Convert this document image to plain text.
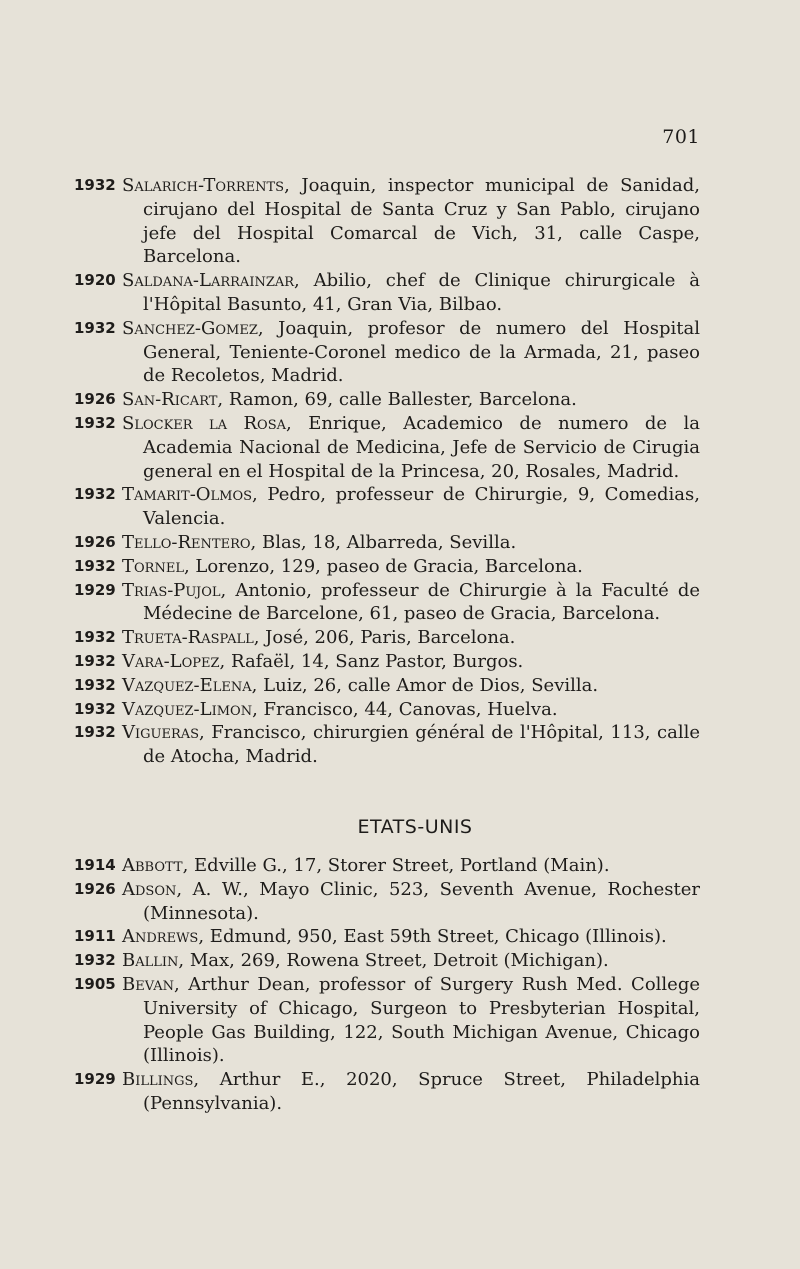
701
1932 Salarich-Torrents, Joaquin, inspector municipal de Sanidad, cirujano del Hospital de Santa Cruz y San Pablo, cirujano jefe del Hospital Comarcal de Vich, 31, calle Caspe, Barcelona.
1920 Saldana-Larrainzar, Abilio, chef de Clinique chirurgicale à l'Hôpital Basunto, 41, Gran Via, Bilbao.
1932 Sanchez-Gomez, Joaquin, profesor de numero del Hospital General, Teniente-Coronel medico de la Armada, 21, paseo de Recoletos, Madrid.
1926 San-Ricart, Ramon, 69, calle Ballester, Barcelona.
1932 Slocker la Rosa, Enrique, Academico de numero de la Academia Nacional de Medicina, Jefe de Servicio de Cirugia general en el Hospital de la Princesa, 20, Rosales, Madrid.
1932 Tamarit-Olmos, Pedro, professeur de Chirurgie, 9, Comedias, Valencia.
1926 Tello-Rentero, Blas, 18, Albarreda, Sevilla.
1932 Tornel, Lorenzo, 129, paseo de Gracia, Barcelona.
1929 Trias-Pujol, Antonio, professeur de Chirurgie à la Faculté de Médecine de Barcelone, 61, paseo de Gracia, Barcelona.
1932 Trueta-Raspall, José, 206, Paris, Barcelona.
1932 Vara-Lopez, Rafaël, 14, Sanz Pastor, Burgos.
1932 Vazquez-Elena, Luiz, 26, calle Amor de Dios, Sevilla.
1932 Vazquez-Limon, Francisco, 44, Canovas, Huelva.
1932 Vigueras, Francisco, chirurgien général de l'Hôpital, 113, calle de Atocha, Madrid.
ETATS-UNIS
1914 Abbott, Edville G., 17, Storer Street, Portland (Main).
1926 Adson, A. W., Mayo Clinic, 523, Seventh Avenue, Rochester (Minnesota).
1911 Andrews, Edmund, 950, East 59th Street, Chicago (Illinois).
1932 Ballin, Max, 269, Rowena Street, Detroit (Michigan).
1905 Bevan, Arthur Dean, professor of Surgery Rush Med. College University of Chicago, Surgeon to Presbyterian Hospital, People Gas Building, 122, South Michigan Avenue, Chicago (Illinois).
1929 Billings, Arthur E., 2020, Spruce Street, Philadelphia (Pennsylvania).
